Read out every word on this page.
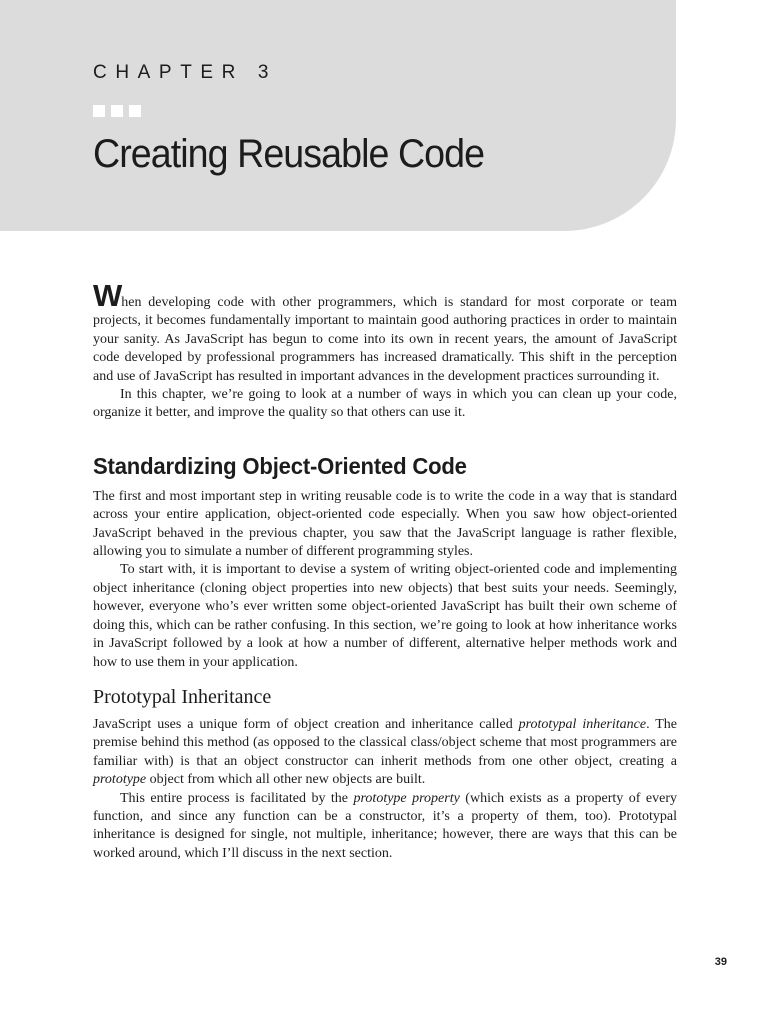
CHAPTER 3
Creating Reusable Code

When developing code with other programmers, which is standard for most corporate or team projects, it becomes fundamentally important to maintain good authoring practices in order to maintain your sanity. As JavaScript has begun to come into its own in recent years, the amount of JavaScript code developed by professional programmers has increased dramatically. This shift in the perception and use of JavaScript has resulted in important advances in the development practices surrounding it.

In this chapter, we’re going to look at a number of ways in which you can clean up your code, organize it better, and improve the quality so that others can use it.

Standardizing Object-Oriented Code

The first and most important step in writing reusable code is to write the code in a way that is standard across your entire application, object-oriented code especially. When you saw how object-oriented JavaScript behaved in the previous chapter, you saw that the JavaScript language is rather flexible, allowing you to simulate a number of different programming styles.

To start with, it is important to devise a system of writing object-oriented code and implementing object inheritance (cloning object properties into new objects) that best suits your needs. Seemingly, however, everyone who’s ever written some object-oriented JavaScript has built their own scheme of doing this, which can be rather confusing. In this section, we’re going to look at how inheritance works in JavaScript followed by a look at how a number of different, alternative helper methods work and how to use them in your application.

Prototypal Inheritance

JavaScript uses a unique form of object creation and inheritance called prototypal inheritance. The premise behind this method (as opposed to the classical class/object scheme that most programmers are familiar with) is that an object constructor can inherit methods from one other object, creating a prototype object from which all other new objects are built.

This entire process is facilitated by the prototype property (which exists as a property of every function, and since any function can be a constructor, it’s a property of them, too). Prototypal inheritance is designed for single, not multiple, inheritance; however, there are ways that this can be worked around, which I’ll discuss in the next section.

39
